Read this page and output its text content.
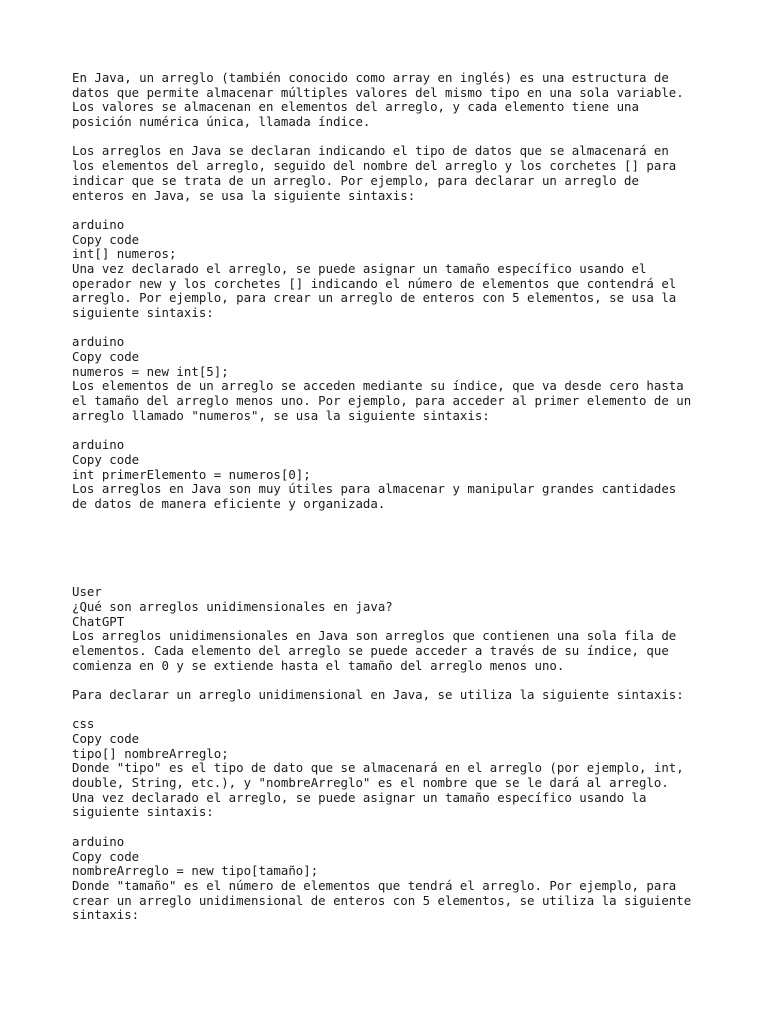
En Java, un arreglo (también conocido como array en inglés) es una estructura de
datos que permite almacenar múltiples valores del mismo tipo en una sola variable.
Los valores se almacenan en elementos del arreglo, y cada elemento tiene una
posición numérica única, llamada índice.
Los arreglos en Java se declaran indicando el tipo de datos que se almacenará en
los elementos del arreglo, seguido del nombre del arreglo y los corchetes [] para
indicar que se trata de un arreglo. Por ejemplo, para declarar un arreglo de
enteros en Java, se usa la siguiente sintaxis:
arduino
Copy code
int[] numeros;
Una vez declarado el arreglo, se puede asignar un tamaño específico usando el
operador new y los corchetes [] indicando el número de elementos que contendrá el
arreglo. Por ejemplo, para crear un arreglo de enteros con 5 elementos, se usa la
siguiente sintaxis:
arduino
Copy code
numeros = new int[5];
Los elementos de un arreglo se acceden mediante su índice, que va desde cero hasta
el tamaño del arreglo menos uno. Por ejemplo, para acceder al primer elemento de un
arreglo llamado "numeros", se usa la siguiente sintaxis:
arduino
Copy code
int primerElemento = numeros[0];
Los arreglos en Java son muy útiles para almacenar y manipular grandes cantidades
de datos de manera eficiente y organizada.
User
¿Qué son arreglos unidimensionales en java?
ChatGPT
Los arreglos unidimensionales en Java son arreglos que contienen una sola fila de
elementos. Cada elemento del arreglo se puede acceder a través de su índice, que
comienza en 0 y se extiende hasta el tamaño del arreglo menos uno.
Para declarar un arreglo unidimensional en Java, se utiliza la siguiente sintaxis:
css
Copy code
tipo[] nombreArreglo;
Donde "tipo" es el tipo de dato que se almacenará en el arreglo (por ejemplo, int,
double, String, etc.), y "nombreArreglo" es el nombre que se le dará al arreglo.
Una vez declarado el arreglo, se puede asignar un tamaño específico usando la
siguiente sintaxis:
arduino
Copy code
nombreArreglo = new tipo[tamaño];
Donde "tamaño" es el número de elementos que tendrá el arreglo. Por ejemplo, para
crear un arreglo unidimensional de enteros con 5 elementos, se utiliza la siguiente
sintaxis:
